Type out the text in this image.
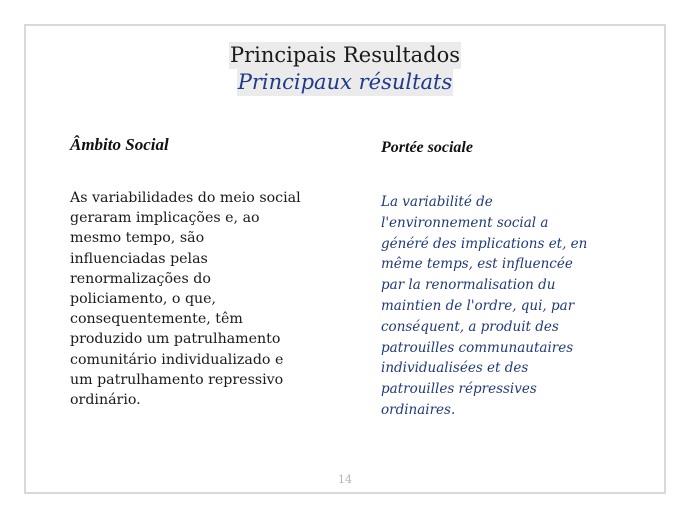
Principais Resultados
Principaux résultats
Âmbito Social	Portée sociale
As variabilidades do meio social
geraram implicações e, ao
mesmo tempo, são
influenciadas pelas
renormalizações do
policiamento, o que,
consequentemente, têm
produzido um patrulhamento
comunitário individualizado e
um patrulhamento repressivo
ordinário.
La variabilité de
l'environnement social a
généré des implications et, en
même temps, est influencée
par la renormalisation du
maintien de l'ordre, qui, par
conséquent, a produit des
patrouilles communautaires
individualisées et des
patrouilles répressives
ordinaires.
14
